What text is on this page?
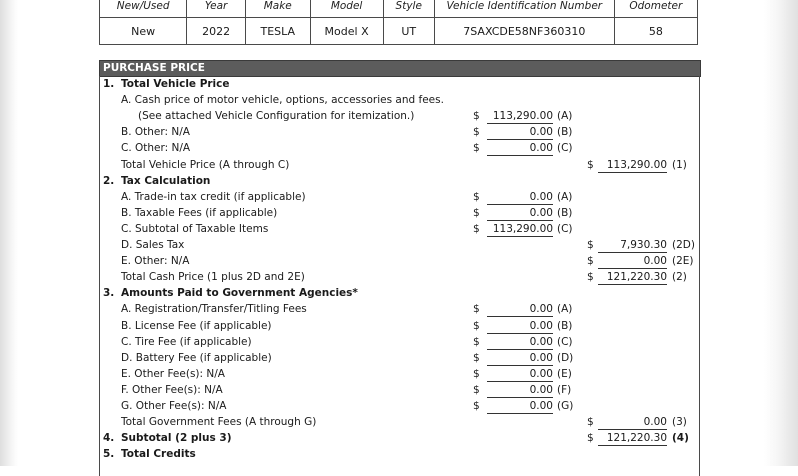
New/Used	Year	Make	Model	Style	Vehicle Identification Number	Odometer
New	2022	TESLA	Model X	UT	7SAXCDE58NF360310	58
PURCHASE PRICE
1. Total Vehicle Price
A. Cash price of motor vehicle, options, accessories and fees.
(See attached Vehicle Configuration for itemization.)	$	113,290.00 (A)
B. Other: N/A	$	0.00 (B)
C. Other: N/A	$	0.00 (C)
Total Vehicle Price (A through C)	$	113,290.00 (1)
2. Tax Calculation
A. Trade-in tax credit (if applicable)	$	0.00 (A)
B. Taxable Fees (if applicable)	$	0.00 (B)
C. Subtotal of Taxable Items	$	113,290.00 (C)
D. Sales Tax	$	7,930.30 (2D)
E. Other: N/A	$	0.00 (2E)
Total Cash Price (1 plus 2D and 2E)	$	121,220.30 (2)
3. Amounts Paid to Government Agencies*
A. Registration/Transfer/Titling Fees	$	0.00 (A)
B. License Fee (if applicable)	$	0.00 (B)
C. Tire Fee (if applicable)	$	0.00 (C)
D. Battery Fee (if applicable)	$	0.00 (D)
E. Other Fee(s): N/A	$	0.00 (E)
F. Other Fee(s): N/A	$	0.00 (F)
G. Other Fee(s): N/A	$	0.00 (G)
Total Government Fees (A through G)	$	0.00 (3)
4. Subtotal (2 plus 3)	$	121,220.30 (4)
5. Total Credits
